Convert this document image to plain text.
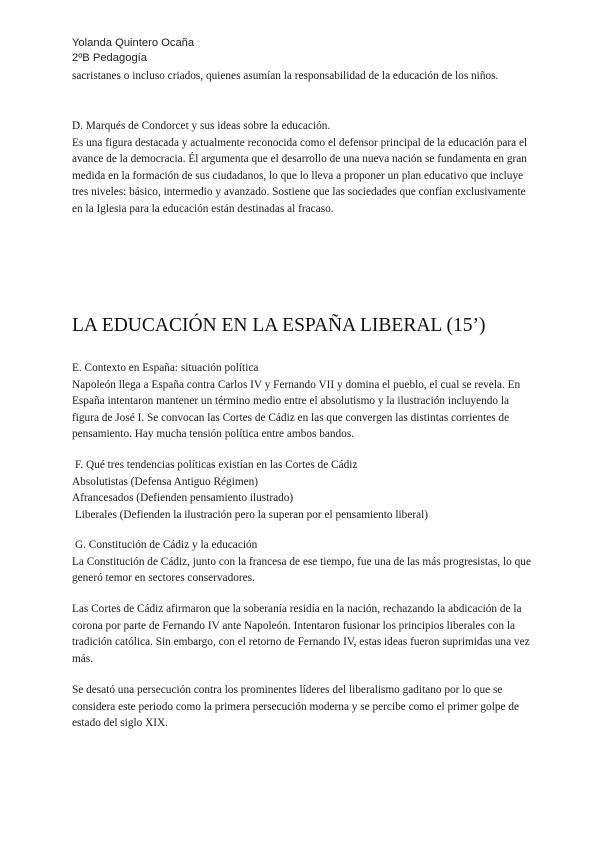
Yolanda Quintero Ocaña
2ºB Pedagogía

sacristanes o incluso criados, quienes asumían la responsabilidad de la educación de los niños.

D. Marqués de Condorcet y sus ideas sobre la educación.

Es una figura destacada y actualmente reconocida como el defensor principal de la educación para el avance de la democracia. Él argumenta que el desarrollo de una nueva nación se fundamenta en gran medida en la formación de sus ciudadanos, lo que lo lleva a proponer un plan educativo que incluye tres niveles: básico, intermedio y avanzado. Sostiene que las sociedades que confían exclusivamente en la Iglesia para la educación están destinadas al fracaso.

LA EDUCACIÓN EN LA ESPAÑA LIBERAL (15’)

E. Contexto en España: situación política

Napoleón llega a España contra Carlos IV y Fernando VII y domina el pueblo, el cual se revela. En España intentaron mantener un término medio entre el absolutismo y la ilustración incluyendo la figura de José I. Se convocan las Cortes de Cádiz en las que convergen las distintas corrientes de pensamiento. Hay mucha tensión política entre ambos bandos.

F. Qué tres tendencias políticas existían en las Cortes de Cádiz

Absolutistas (Defensa Antiguo Régimen)

Afrancesados (Defienden pensamiento ilustrado)

Liberales (Defienden la ilustración pero la superan por el pensamiento liberal)

G. Constitución de Cádiz y la educación

La Constitución de Cádiz, junto con la francesa de ese tiempo, fue una de las más progresistas, lo que generó temor en sectores conservadores.

Las Cortes de Cádiz afirmaron que la soberanía residía en la nación, rechazando la abdicación de la corona por parte de Fernando IV ante Napoleón. Intentaron fusionar los principios liberales con la tradición católica. Sin embargo, con el retorno de Fernando IV, estas ideas fueron suprimidas una vez más.

Se desató una persecución contra los prominentes líderes del liberalismo gaditano por lo que se considera este periodo como la primera persecución moderna y se percibe como el primer golpe de estado del siglo XIX.
